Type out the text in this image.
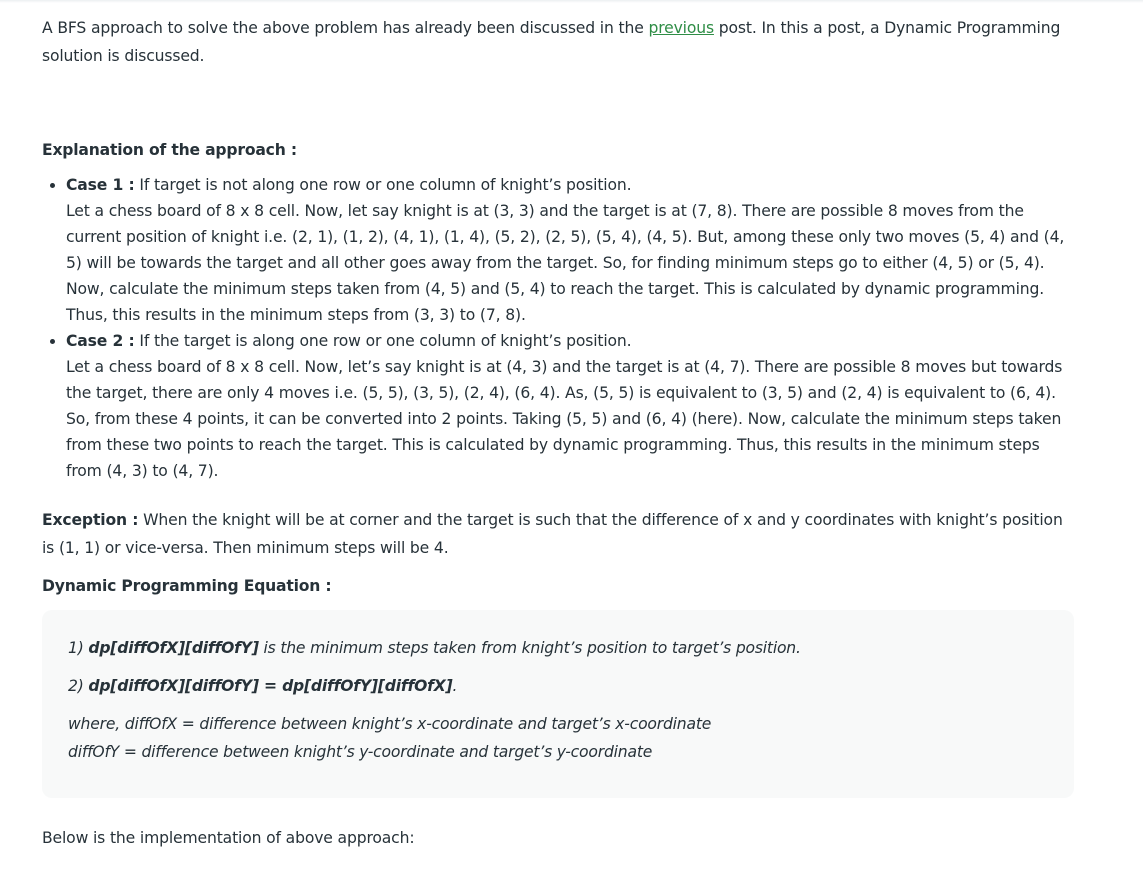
A BFS approach to solve the above problem has already been discussed in the previous post. In this a post, a Dynamic Programming solution is discussed.

Explanation of the approach :
• Case 1 : If target is not along one row or one column of knight’s position.
Let a chess board of 8 x 8 cell. Now, let say knight is at (3, 3) and the target is at (7, 8). There are possible 8 moves from the current position of knight i.e. (2, 1), (1, 2), (4, 1), (1, 4), (5, 2), (2, 5), (5, 4), (4, 5). But, among these only two moves (5, 4) and (4, 5) will be towards the target and all other goes away from the target. So, for finding minimum steps go to either (4, 5) or (5, 4). Now, calculate the minimum steps taken from (4, 5) and (5, 4) to reach the target. This is calculated by dynamic programming. Thus, this results in the minimum steps from (3, 3) to (7, 8).
• Case 2 : If the target is along one row or one column of knight’s position.
Let a chess board of 8 x 8 cell. Now, let’s say knight is at (4, 3) and the target is at (4, 7). There are possible 8 moves but towards the target, there are only 4 moves i.e. (5, 5), (3, 5), (2, 4), (6, 4). As, (5, 5) is equivalent to (3, 5) and (2, 4) is equivalent to (6, 4). So, from these 4 points, it can be converted into 2 points. Taking (5, 5) and (6, 4) (here). Now, calculate the minimum steps taken from these two points to reach the target. This is calculated by dynamic programming. Thus, this results in the minimum steps from (4, 3) to (4, 7).

Exception : When the knight will be at corner and the target is such that the difference of x and y coordinates with knight’s position is (1, 1) or vice-versa. Then minimum steps will be 4.

Dynamic Programming Equation :
1) dp[diffOfX][diffOfY] is the minimum steps taken from knight’s position to target’s position.
2) dp[diffOfX][diffOfY] = dp[diffOfY][diffOfX].
where, diffOfX = difference between knight’s x-coordinate and target’s x-coordinate
diffOfY = difference between knight’s y-coordinate and target’s y-coordinate

Below is the implementation of above approach:
